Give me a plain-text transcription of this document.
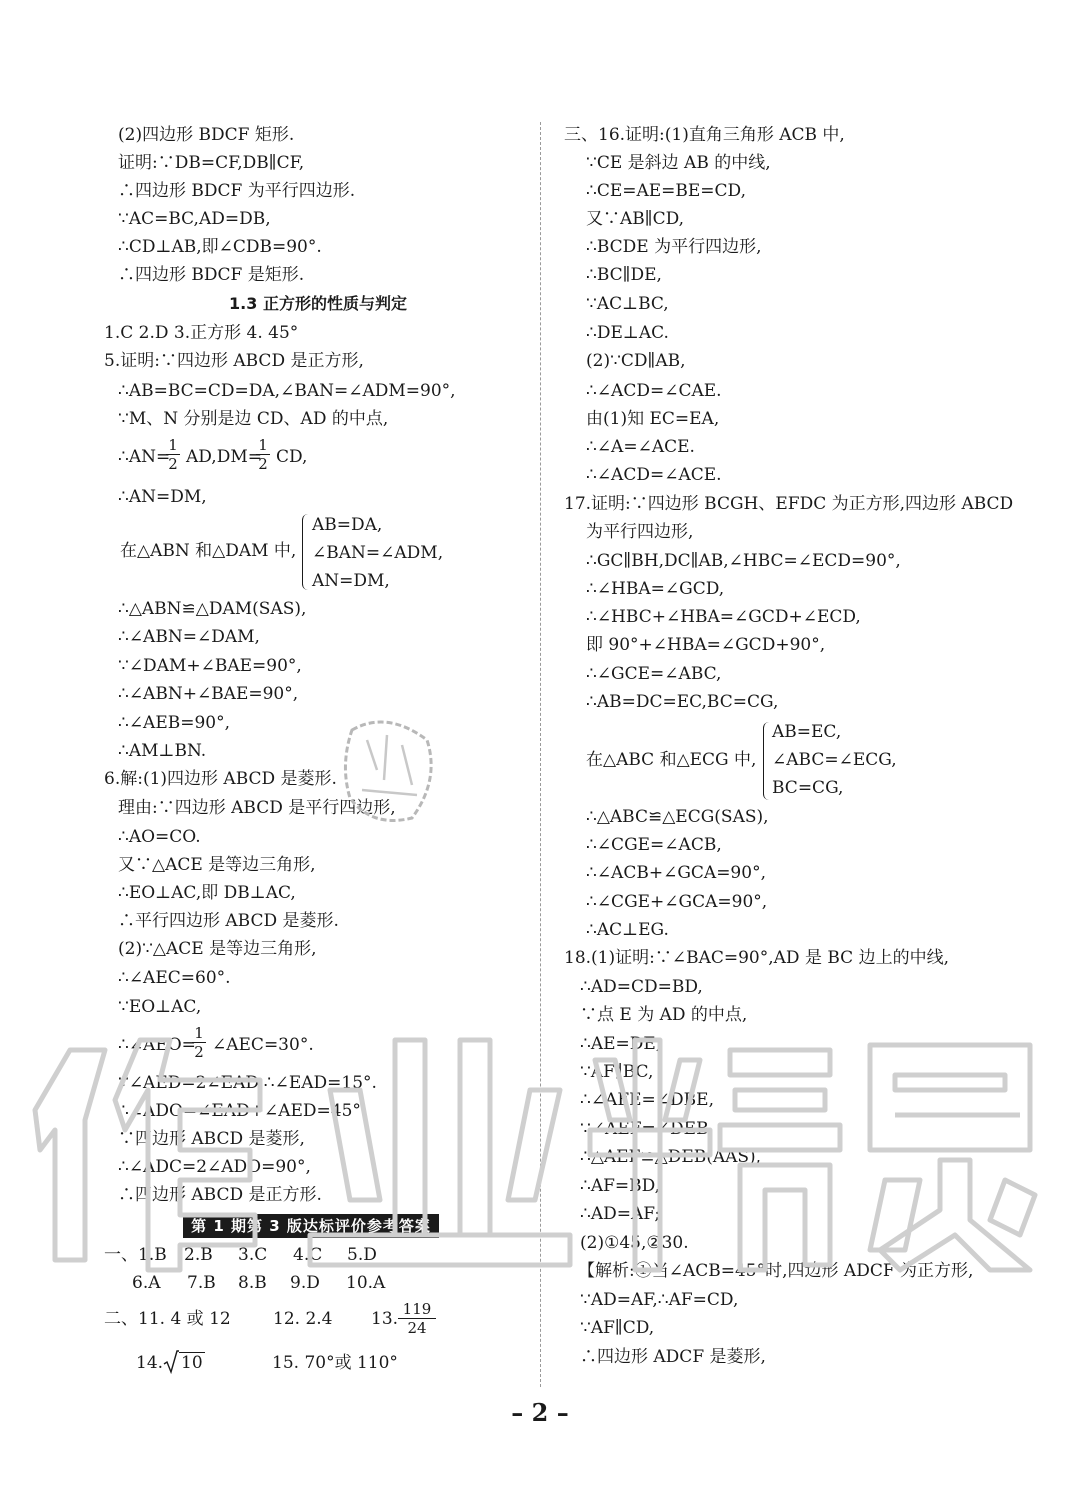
(2)四边形 BDCF 矩形.
证明:∵DB=CF,DB∥CF,
∴四边形 BDCF 为平行四边形.
∵AC=BC,AD=DB,
∴CD⊥AB,即∠CDB=90°.
∴四边形 BDCF 是矩形.
1.3 正方形的性质与判定
1.C 2.D 3.正方形 4. 45°
5.证明:∵四边形 ABCD 是正方形,
∴AB=BC=CD=DA,∠BAN=∠ADM=90°,
∵M、N 分别是边 CD、AD 的中点,
∴AN=
$\frac{1}{2} AD,DM=$
$\frac{1}{2}$ CD,
∴AN=DM,
在△ABN 和△DAM 中,
AB=DA,
∠BAN=∠ADM,
AN=DM,
∴△ABN≌△DAM(SAS),
∴∠ABN=∠DAM,
∵∠DAM+∠BAE=90°,
∴∠ABN+∠BAE=90°,
∴∠AEB=90°,
∴AM⊥BN.
6.解:(1)四边形 ABCD 是菱形.
理由:∵四边形 ABCD 是平行四边形,
∴AO=CO.
又∵△ACE 是等边三角形,
∴EO⊥AC,即 DB⊥AC,
∴平行四边形 ABCD 是菱形.
(2)∵△ACE 是等边三角形,
∴∠AEC=60°.
∵EO⊥AC,
∴∠AEO=
$\frac{1}{2}$ ∠AEC=30°.
∵∠AED=2∠EAD,∴∠EAD=15°.
∴∠ADO=∠EAD+∠AED=45°.
∵四边形 ABCD 是菱形,
∴∠ADC=2∠ADO=90°,
∴四边形 ABCD 是正方形.
第 1 期第 3 版达标评价参考答案
一、1.B 2.B 3.C 4.C 5.D
6.A 7.B 8.B 9.D 10.A
二、11. 4 或 12 12. 2.4 13. $\frac{119}{24}$
14. 10	15. 70°或 110°
三、16.证明:(1)直角三角形 ACB 中,
∵CE 是斜边 AB 的中线,
∴CE=AE=BE=CD,
又∵AB∥CD,
∴BCDE 为平行四边形,
∴BC∥DE,
∵AC⊥BC,
∴DE⊥AC.
(2)∵CD∥AB,
∴∠ACD=∠CAE.
由(1)知 EC=EA,
∴∠A=∠ACE.
∴∠ACD=∠ACE.
17.证明:∵四边形 BCGH、EFDC 为正方形,四边形 ABCD
为平行四边形,
∴GC∥BH,DC∥AB,∠HBC=∠ECD=90°,
∴∠HBA=∠GCD,
∴∠HBC+∠HBA=∠GCD+∠ECD,
即 90°+∠HBA=∠GCD+90°,
∴∠GCE=∠ABC,
∴AB=DC=EC,BC=CG,
在△ABC 和△ECG 中,
AB=EC,
∠ABC=∠ECG,
BC=CG,
∴△ABC≌△ECG(SAS),
∴∠CGE=∠ACB,
∴∠ACB+∠GCA=90°,
∴∠CGE+∠GCA=90°,
∴AC⊥EG.
18.(1)证明:∵∠BAC=90°,AD 是 BC 边上的中线,
∴AD=CD=BD,
∵点 E 为 AD 的中点,
∴AE=DE,
∵AF∥BC,
∴∠AFE=∠DBE,
∵∠AEF=∠DEB,
∴△AEF≌△DEB(AAS),
∴AF=BD,
∴AD=AF;
(2)①45,②30.
【解析:①当∠ACB=45°时,四边形 ADCF 为正方形,
∵AD=AF,∴AF=CD,
∵AF∥CD,
∴四边形 ADCF 是菱形,
– 2 –
